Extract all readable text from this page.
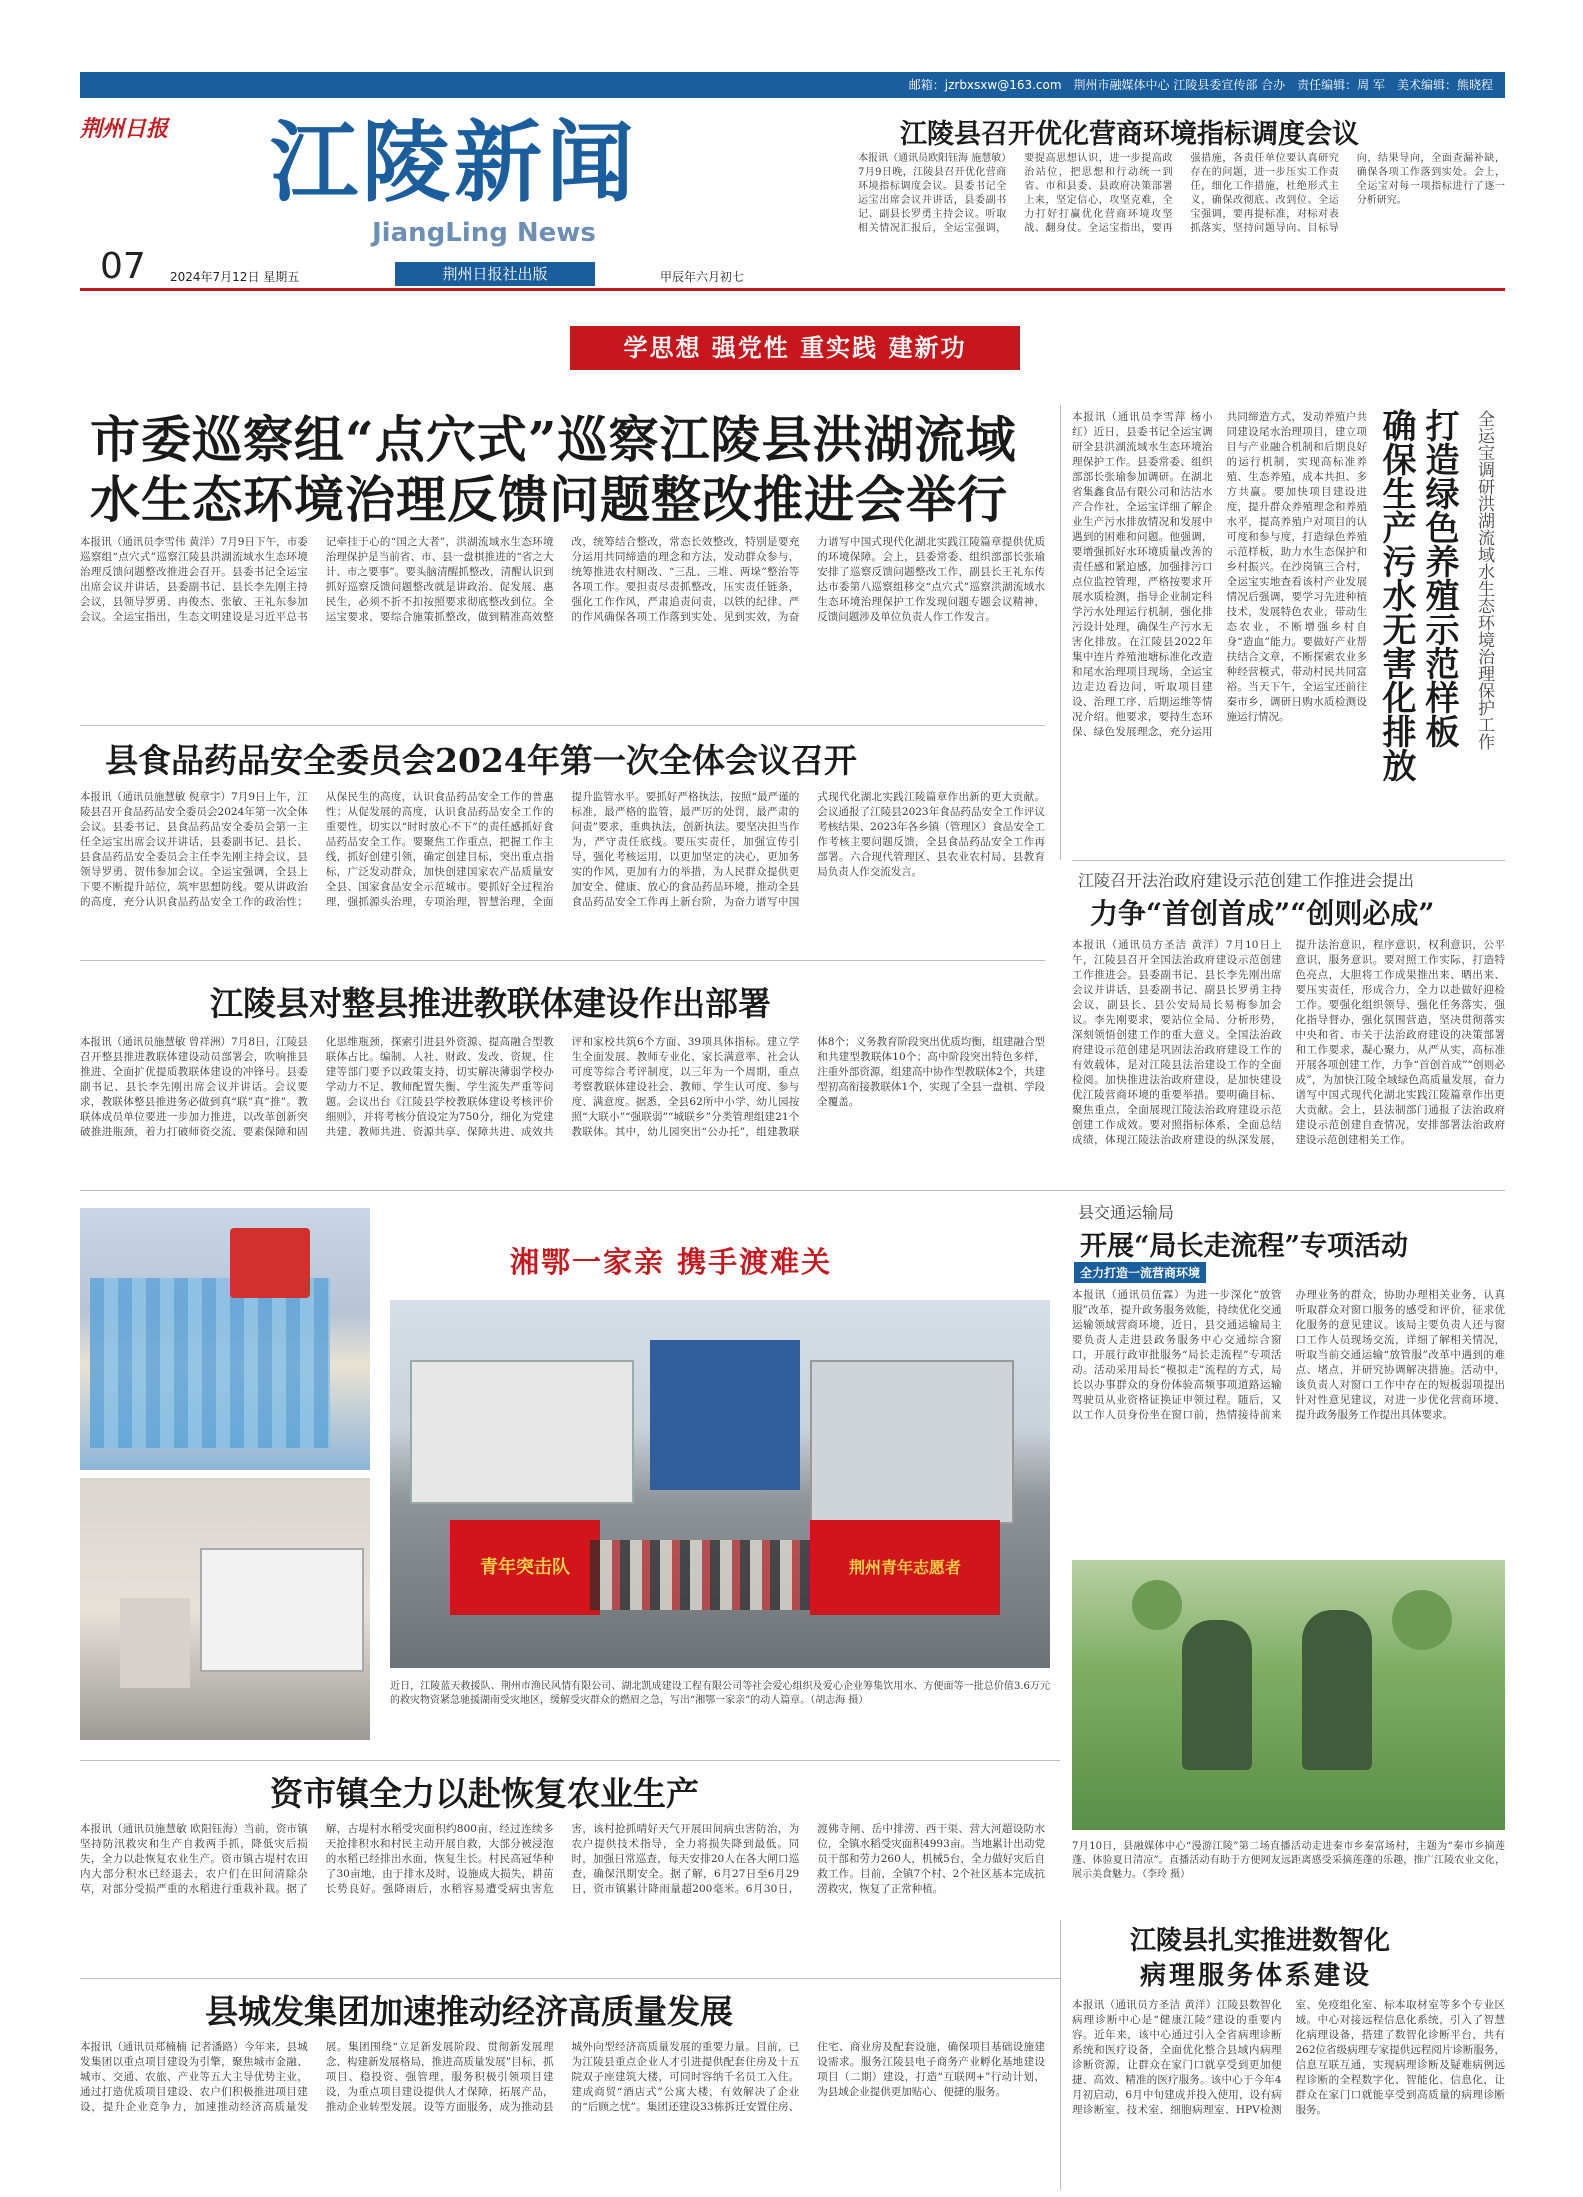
邮箱：jzrbxsxw@163.com　荆州市融媒体中心 江陵县委宣传部 合办　责任编辑：周 军　美术编辑：熊晓程
荆州日报 江陵新闻
JiangLing News
07 2024年7月12日 星期五	荆州日报社出版	甲辰年六月初七
江陵县召开优化营商环境指标调度会议
本报讯（通讯员欧阳钰海 施慧敏）7月9日晚，江陵县召开优化营商环境指标调度会议。县委书记全运宝出席会议并讲话，县委副书记、副县长罗勇主持会议。听取相关情况汇报后，全运宝强调，要提高思想认识，进一步提高政治站位，把思想和行动统一到省、市和县委、县政府决策部署上来，坚定信心，攻坚克难，全力打好打赢优化营商环境攻坚战、翻身仗。全运宝指出，要再强措施，各责任单位要认真研究存在的问题，进一步压实工作责任，细化工作措施，杜绝形式主义，确保改彻底、改到位。全运宝强调，要再提标准，对标对表抓落实，坚持问题导向、目标导向，结果导向，全面查漏补缺，确保各项工作落到实处。会上，全运宝对每一项指标进行了逐一分析研究。
学思想 强党性 重实践 建新功
市委巡察组“点穴式”巡察江陵县洪湖流域
水生态环境治理反馈问题整改推进会举行
本报讯（通讯员李雪伟 黄洋）7月9日下午，市委巡察组“点穴式”巡察江陵县洪湖流域水生态环境治理反馈问题整改推进会召开。县委书记全运宝出席会议并讲话，县委副书记、县长李先刚主持会议，县领导罗勇、冉俊杰、张敏、王礼东参加会议。全运宝指出，生态文明建设是习近平总书记牵挂于心的“国之大者”，洪湖流域水生态环境治理保护是当前省、市、县一盘棋推进的“省之大计、市之要事”。要头脑清醒抓整改，清醒认识到抓好巡察反馈问题整改就是讲政治、促发展、惠民生，必须不折不扣按照要求彻底整改到位。全运宝要求，要综合施策抓整改，做到精准高效整改，统筹结合整改，常态长效整改，特别是要充分运用共同缔造的理念和方法，发动群众参与，统筹推进农村厕改、“三乱、三堆、两垛”整治等各项工作。要担责尽责抓整改，压实责任链条，强化工作作风，严肃追责问责，以铁的纪律、严的作风确保各项工作落到实处、见到实效，为奋力谱写中国式现代化湖北实践江陵篇章提供优质的环境保障。会上，县委常委、组织部部长张瑜安排了巡察反馈问题整改工作，副县长王礼东传达市委第八巡察组移交“点穴式”巡察洪湖流域水生态环境治理保护工作发现问题专题会议精神，反馈问题涉及单位负责人作工作发言。
本报讯（通讯员李雪萍 杨小红）近日，县委书记全运宝调研全县洪湖流域水生态环境治理保护工作。县委常委、组织部部长张瑜参加调研。在湖北省集鑫食品有限公司和沽沽水产合作社，全运宝详细了解企业生产污水排放情况和发展中遇到的困难和问题。他强调，要增强抓好水环境质量改善的责任感和紧迫感，加强排污口点位监控管理，严格按要求开展水质检测，指导企业制定科学污水处理运行机制，强化排污设计处理，确保生产污水无害化排放。在江陵县2022年集中连片养殖池塘标准化改造和尾水治理项目现场，全运宝边走边看边问，听取项目建设、治理工序、后期运维等情况介绍。他要求，要持生态环保、绿色发展理念，充分运用共同缔造方式，发动养殖户共同建设尾水治理项目，建立项目与产业融合机制和后期良好的运行机制，实现高标准养殖、生态养殖，成本共担、多方共赢。要加快项目建设进度，提升群众养殖理念和养殖水平，提高养殖户对项目的认可度和参与度，打造绿色养殖示范样板，助力水生态保护和乡村振兴。在沙岗镇三合村，全运宝实地查看该村产业发展情况后强调，要学习先进种植技术，发展特色农业，带动生态农业，不断增强乡村自身“造血”能力。要做好产业帮扶结合文章，不断探索农业多种经营模式，带动村民共同富裕。当天下午，全运宝还前往秦市乡，调研日购水质检测设施运行情况。	确保生产污水无害化排放 打造绿色养殖示范样板 全运宝调研洪湖流域水生态环境治理保护工作
县食品药品安全委员会2024年第一次全体会议召开
本报讯（通讯员施慧敏 倪章宇）7月9日上午，江陵县召开食品药品安全委员会2024年第一次全体会议。县委书记、县食品药品安全委员会第一主任全运宝出席会议并讲话，县委副书记、县长、县食品药品安全委员会主任李先刚主持会议，县领导罗勇、贺伟参加会议。全运宝强调，全县上下要不断提升站位，筑牢思想防线。要从讲政治的高度，充分认识食品药品安全工作的政治性；从保民生的高度，认识食品药品安全工作的普惠性；从促发展的高度，认识食品药品安全工作的重要性，切实以“时时放心不下”的责任感抓好食品药品安全工作。要聚焦工作重点，把握工作主线，抓好创建引领，确定创建目标，突出重点指标，广泛发动群众，加快创建国家农产品质量安全县、国家食品安全示范城市。要抓好全过程治理，强抓源头治理，专项治理，智慧治理，全面提升监管水平。要抓好严格执法，按照“最严谨的标准，最严格的监管，最严厉的处罚，最严肃的问责”要求，重典执法，创新执法。要坚决担当作为，严守责任底线。要压实责任，加强宣传引导，强化考核运用，以更加坚定的决心，更加务实的作风，更加有力的举措，为人民群众提供更加安全、健康、放心的食品药品环境，推动全县食品药品安全工作再上新台阶，为奋力谱写中国式现代化湖北实践江陵篇章作出新的更大贡献。会议通报了江陵县2023年食品药品安全工作评议考核结果、2023年各乡镇（管理区）食品安全工作考核主要问题反馈，全县食品药品安全工作再部署。六合现代管理区、县农业农村局、县教育局负责人作交流发言。
江陵县对整县推进教联体建设作出部署
本报讯（通讯员施慧敏 曾祥洲）7月8日，江陵县召开整县推进教联体建设动员部署会，吹响推县推进、全面扩优提质教联体建设的冲锋号。县委副书记、县长李先刚出席会议并讲话。会议要求，教联体整县推进务必做到真“联”真“推”。教联体成员单位要进一步加力推进，以改革创新突破推进瓶颈，着力打破师资交流、要素保障和固化思维瓶颈，探索引进县外资源、提高融合型教联体占比。编制、人社、财政、发改、资规、住建等部门要予以政策支持，切实解决薄弱学校办学动力不足、教师配置失衡、学生流失严重等问题。会议出台《江陵县学校教联体建设考核评价细则》，并将考核分值设定为750分，细化为党建共建、教师共进、资源共享、保障共进、成效共评和家校共筑6个方面、39项具体指标。建立学生全面发展、教师专业化、家长满意率、社会认可度等综合考评制度，以三年为一个周期，重点考察教联体建设社会、教师、学生认可度、参与度、满意度。据悉，全县62所中小学、幼儿园按照“大联小”“强联弱”“城联乡”分类管理组建21个教联体。其中，幼儿园突出“公办托”，组建教联体8个；义务教育阶段突出优质均衡，组建融合型和共建型教联体10个；高中阶段突出特色多样，注重外部资源，组建高中协作型教联体2个，共建型初高衔接教联体1个，实现了全县一盘棋、学段全覆盖。
江陵召开法治政府建设示范创建工作推进会提出
力争“首创首成”“创则必成”
本报讯（通讯员方圣洁 黄洋）7月10日上午，江陵县召开全国法治政府建设示范创建工作推进会。县委副书记、县长李先刚出席会议并讲话，县委副书记、副县长罗勇主持会议，副县长、县公安局局长易梅参加会议。李先刚要求，要站位全局、分析形势，深刻领悟创建工作的重大意义。全国法治政府建设示范创建是巩固法治政府建设工作的有效载体，是对江陵县法治建设工作的全面检阅。加快推进法治政府建设，是加快建设优江陵营商环境的重要举措。要明确目标、聚焦重点，全面展现江陵法治政府建设示范创建工作成效。要对照指标体系，全面总结成绩，体现江陵法治政府建设的纵深发展，提升法治意识，程序意识，权利意识，公平意识，服务意识。要对照工作实际，打造特色亮点，大胆将工作成果推出来、晒出来、要压实责任，形成合力，全力以赴做好迎检工作。要强化组织领导、强化任务落实，强化指导督办，强化氛围营造，坚决贯彻落实中央和省、市关于法治政府建设的决策部署和工作要求，凝心聚力，从严从实，高标准开展各项创建工作，力争“首创首成”“创则必成”，为加快江陵全域绿色高质量发展，奋力谱写中国式现代化湖北实践江陵篇章作出更大贡献。会上，县法制部门通报了法治政府建设示范创建自查情况，安排部署法治政府建设示范创建相关工作。
湘鄂一家亲 携手渡难关
青年突击队	荆州青年志愿者
近日，江陵蓝天救援队、荆州市渔民风情有限公司、湖北凯成建设工程有限公司等社会爱心组织及爱心企业筹集饮用水、方便面等一批总价值3.6万元的救灾物资紧急驰援湖南受灾地区，缓解受灾群众的燃眉之急，写出“湘鄂一家亲”的动人篇章。（胡志海 摄）
县交通运输局
开展“局长走流程”专项活动
全力打造一流营商环境
本报讯（通讯员伍霖）为进一步深化“放管服”改革，提升政务服务效能，持续优化交通运输领域营商环境，近日，县交通运输局主要负责人走进县政务服务中心交通综合窗口，开展行政审批服务“局长走流程”专项活动。活动采用局长“模拟走”流程的方式，局长以办事群众的身份体验高频事项道路运输驾驶员从业资格证换证申领过程。随后，又以工作人员身份坐在窗口前，热情接待前来办理业务的群众，协助办理相关业务，认真听取群众对窗口服务的感受和评价，征求优化服务的意见建议。该局主要负责人还与窗口工作人员现场交流，详细了解相关情况，听取当前交通运输“放管服”改革中遇到的难点、堵点，并研究协调解决措施。活动中，该负责人对窗口工作中存在的短板弱项提出针对性意见建议，对进一步优化营商环境、提升政务服务工作提出具体要求。
7月10日，县融媒体中心“漫游江陵”第二场直播活动走进秦市乡秦富场村，主题为“秦市乡摘莲蓬、体验夏日清凉”。直播活动有助于方便网友远距离感受采摘莲蓬的乐趣，推广江陵农业文化，展示美食魅力。（李玲 摄）
资市镇全力以赴恢复农业生产
本报讯（通讯员施慧敏 欧阳钰海）当前，资市镇坚持防汛救灾和生产自救两手抓，降低灾后损失，全力以赴恢复农业生产。资市镇古堤村农田内大部分积水已经退去，农户们在田间清除杂草，对部分受损严重的水稻进行重栽补栽。据了解，古堤村水稻受灾面积约800亩，经过连续多天抢排积水和村民主动开展自救，大部分被浸泡的水稻已经排出水面，恢复生长。村民高冠华种了30亩地，由于排水及时，设施成大损失，耕苗长势良好。强降雨后，水稻容易遭受病虫害危害，该村抢抓晴好天气开展田间病虫害防治，为农户提供技术指导，全力将损失降到最低。同时，加强日常巡查，每天安排20人在各大闸口巡查，确保汛期安全。据了解，6月27日至6月29日，资市镇累计降雨量超200毫米。6月30日，渡佛寺闸、岳中排涝、西干渠、营大河超设防水位，全镇水稻受灾面积4993亩。当地累计出动党员干部和劳力260人，机械5台，全力做好灾后自救工作。目前，全镇7个村、2个社区基本完成抗涝救灾，恢复了正常种植。
县城发集团加速推动经济高质量发展
本报讯（通讯员郑楠楠 记者潘路）今年来，县城发集团以重点项目建设为引擎，聚焦城市金融、城市、交通、农旅、产业等五大主导优势主业，通过打造优质项目建设、农户们积极推进项目建设，提升企业竞争力，加速推动经济高质量发展。集团围绕“立足新发展阶段、贯彻新发展理念、构建新发展格局，推进高质量发展”目标，抓项目、稳投资、强管理，服务积极引领项目建设，为重点项目建设提供人才保障，拓展产品，推动企业转型发展。设等方面服务，成为推动县城外向型经济高质量发展的重要力量。目前，已为江陵县重点企业人才引进提供配套住房及十五院双子座建筑大楼，可同时容纳千名员工入住。建成商贸“酒店式”公寓大楼，有效解决了企业的“后顾之忧”。集团还建设33栋拆迁安置住房、住宅、商业房及配套设施，确保项目基础设施建设需求。服务江陵县电子商务产业孵化基地建设项目（二期）建设，打造“互联网+”行动计划，为县域企业提供更加贴心、便捷的服务。
江陵县扎实推进数智化
病理服务体系建设
本报讯（通讯员方圣洁 黄洋）江陵县数智化病理诊断中心是“健康江陵”建设的重要内容。近年来，该中心通过引入全省病理诊断系统和医疗设备，全面优化整合县域内病理诊断资源，让群众在家门口就享受到更加便捷、高效、精准的医疗服务。该中心于今年4月初启动，6月中旬建成并投入使用，设有病理诊断室、技术室、细胞病理室、HPV检测室、免疫组化室、标本取材室等多个专业区域。中心对接远程信息化系统，引入了智慧化病理设备，搭建了数智化诊断平台，共有262位省级病理专家提供远程阅片诊断服务，信息互联互通，实现病理诊断及疑难病例远程诊断的全程数字化、智能化、信息化，让群众在家门口就能享受到高质量的病理诊断服务。
